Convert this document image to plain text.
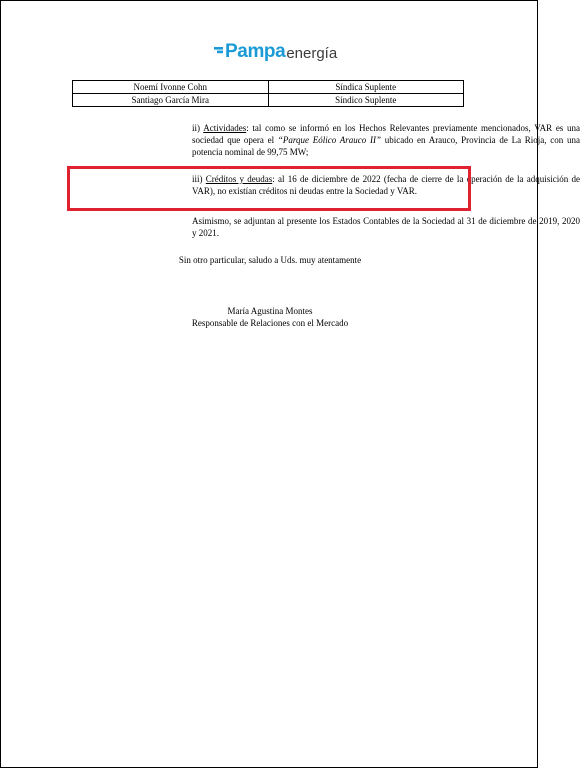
Pampa energía
Noemí Ivonne Cohn	Síndica Suplente
Santiago García Mira	Síndico Suplente

ii) Actividades: tal como se informó en los Hechos Relevantes previamente mencionados, VAR es una sociedad que opera el “Parque Eólico Arauco II” ubicado en Arauco, Provincia de La Rioja, con una potencia nominal de 99,75 MW;

iii) Créditos y deudas: al 16 de diciembre de 2022 (fecha de cierre de la operación de la adquisición de VAR), no existían créditos ni deudas entre la Sociedad y VAR.

Asimismo, se adjuntan al presente los Estados Contables de la Sociedad al 31 de diciembre de 2019, 2020 y 2021.

Sin otro particular, saludo a Uds. muy atentamente

María Agustina Montes

Responsable de Relaciones con el Mercado
